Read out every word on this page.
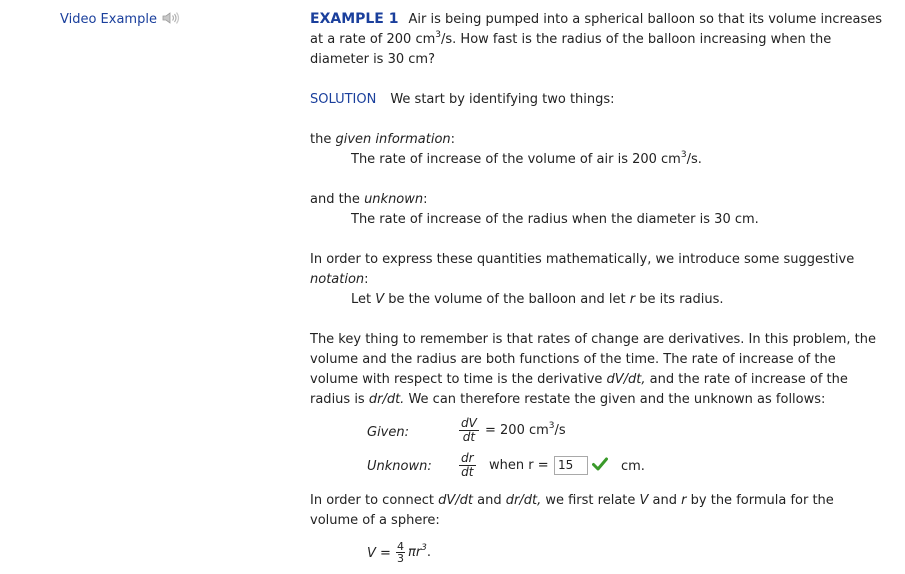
Video Example	EXAMPLE 1 Air is being pumped into a spherical balloon so that its volume increases

at a rate of 200 $cm^3/s$. How fast is the radius of the balloon increasing when the

diameter is 30 cm?

SOLUTION We start by identifying two things:

the given information:

The rate of increase of the volume of air is 200 $cm^3/s$.

and the unknown:

The rate of increase of the radius when the diameter is 30 cm.

In order to express these quantities mathematically, we introduce some suggestive

notation:

Let V be the volume of the balloon and let r be its radius.

The key thing to remember is that rates of change are derivatives. In this problem, the

volume and the radius are both functions of the time. The rate of increase of the

volume with respect to time is the derivative dV/dt, and the rate of increase of the

radius is dr/dt. We can therefore restate the given and the unknown as follows:

Given:	$\frac{dV}{dt} = 200$ $cm^3/s$
Unknown: $\frac{dr}{dt}$ when r = 15	cm.

In order to connect dV/dt and dr/dt, we first relate V and r by the formula for the

volume of a sphere:

$V = \frac{4}{3} \pi r^3$.
